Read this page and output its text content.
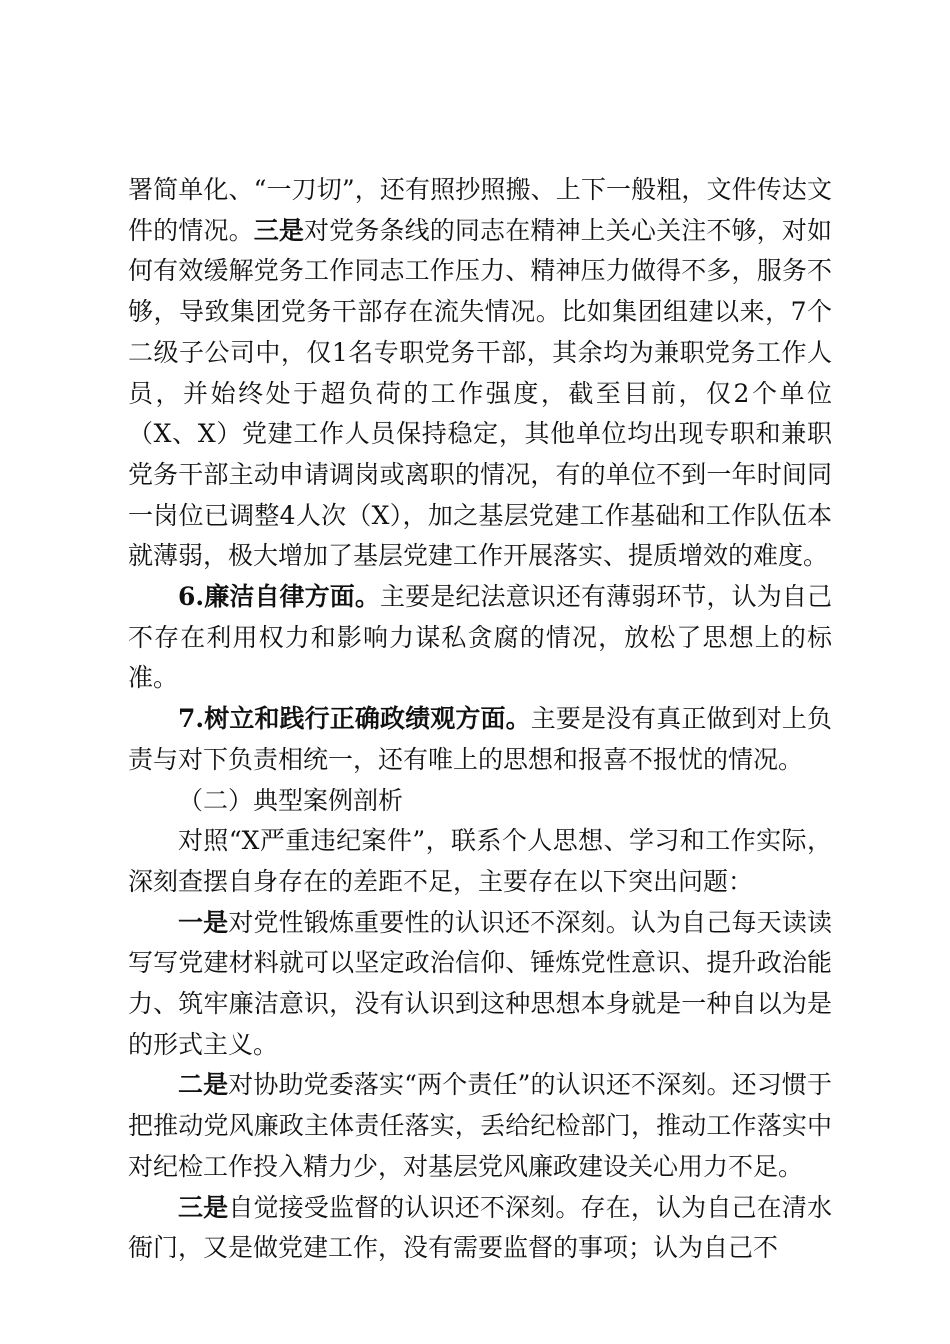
署简单化、“一刀切”，还有照抄照搬、上下一般粗，文件传达文件的情况。三是对党务条线的同志在精神上关心关注不够，对如何有效缓解党务工作同志工作压力、精神压力做得不多，服务不够，导致集团党务干部存在流失情况。比如集团组建以来，7个二级子公司中，仅1名专职党务干部，其余均为兼职党务工作人员，并始终处于超负荷的工作强度，截至目前，仅2个单位（X、X）党建工作人员保持稳定，其他单位均出现专职和兼职党务干部主动申请调岗或离职的情况，有的单位不到一年时间同一岗位已调整4人次（X），加之基层党建工作基础和工作队伍本就薄弱，极大增加了基层党建工作开展落实、提质增效的难度。

6.廉洁自律方面。主要是纪法意识还有薄弱环节，认为自己不存在利用权力和影响力谋私贪腐的情况，放松了思想上的标准。

7.树立和践行正确政绩观方面。主要是没有真正做到对上负责与对下负责相统一，还有唯上的思想和报喜不报忧的情况。

（二）典型案例剖析

对照“X严重违纪案件”，联系个人思想、学习和工作实际，深刻查摆自身存在的差距不足，主要存在以下突出问题：

一是对党性锻炼重要性的认识还不深刻。认为自己每天读读写写党建材料就可以坚定政治信仰、锤炼党性意识、提升政治能力、筑牢廉洁意识，没有认识到这种思想本身就是一种自以为是的形式主义。

二是对协助党委落实“两个责任”的认识还不深刻。还习惯于把推动党风廉政主体责任落实，丢给纪检部门，推动工作落实中对纪检工作投入精力少，对基层党风廉政建设关心用力不足。

三是自觉接受监督的认识还不深刻。存在，认为自己在清水衙门，又是做党建工作，没有需要监督的事项；认为自己不
